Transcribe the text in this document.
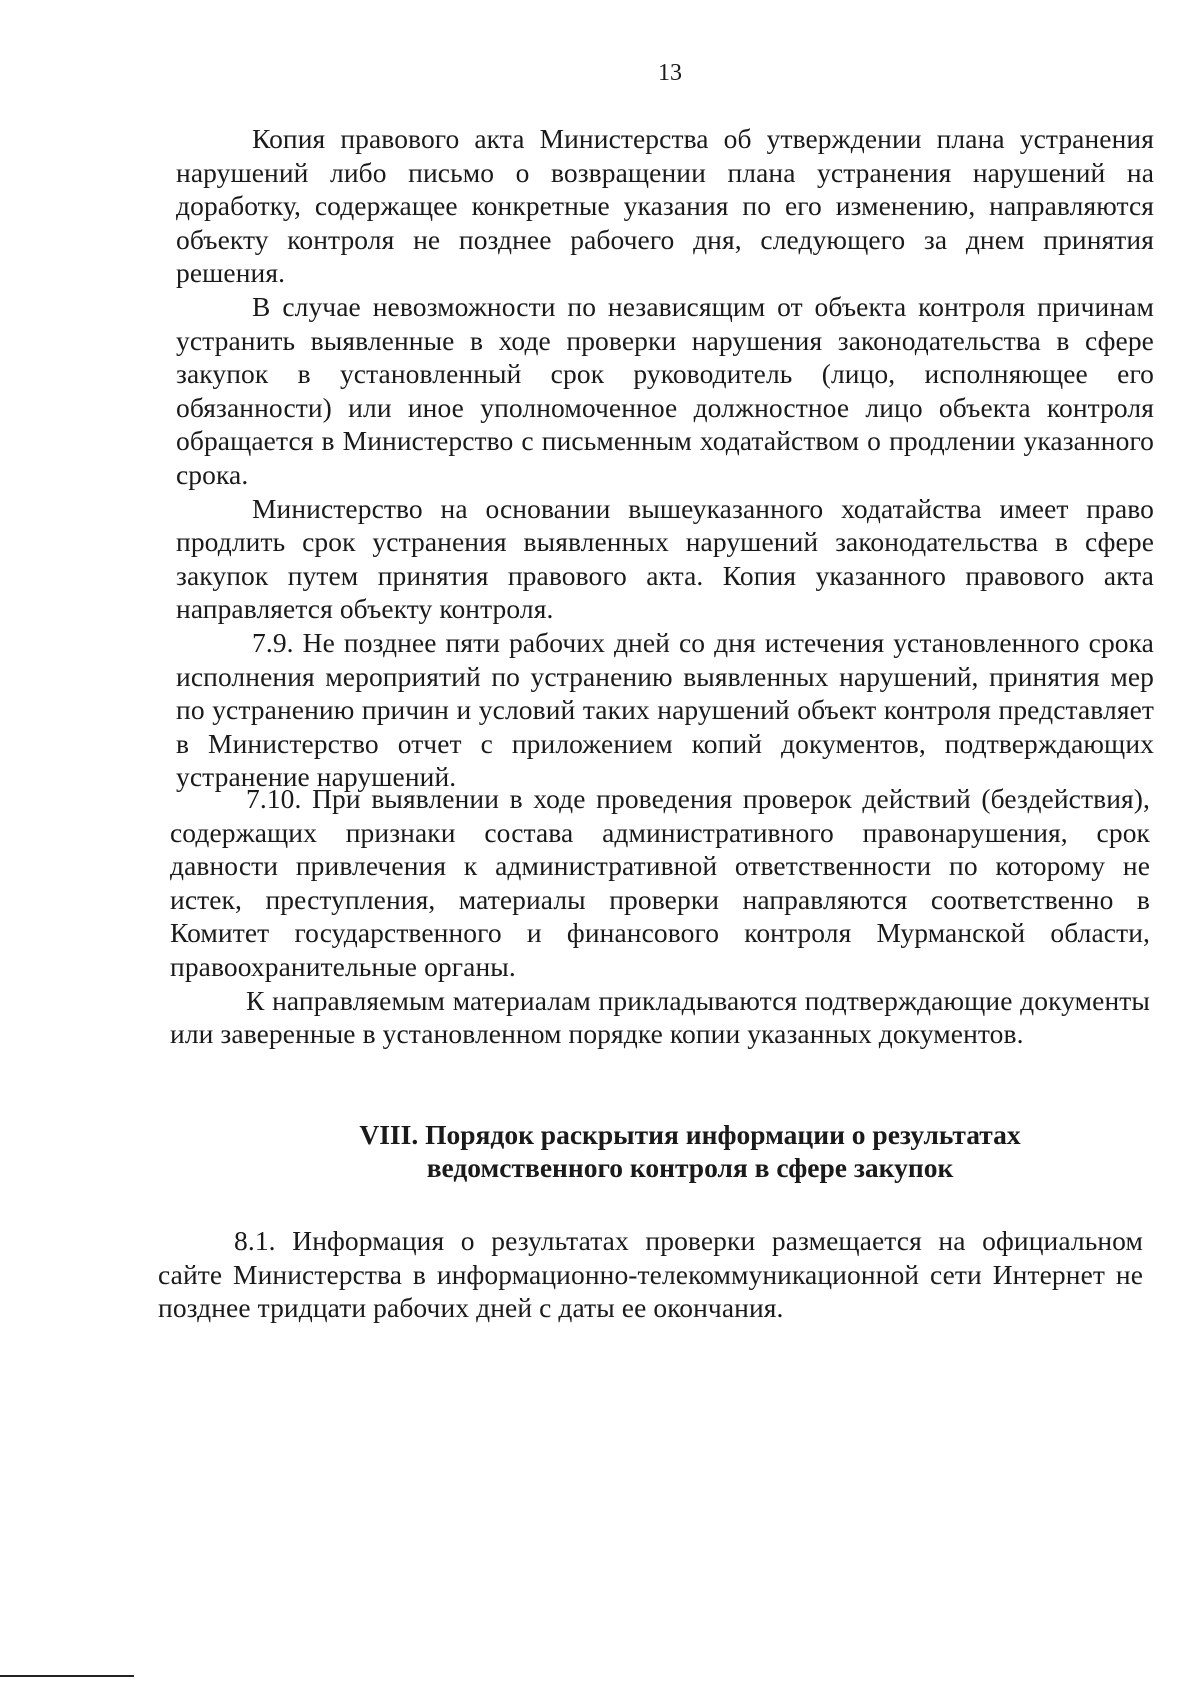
13

Копия правового акта Министерства об утверждении плана устранения нарушений либо письмо о возвращении плана устранения нарушений на доработку, содержащее конкретные указания по его изменению, направляются объекту контроля не позднее рабочего дня, следующего за днем принятия решения.

В случае невозможности по независящим от объекта контроля причинам устранить выявленные в ходе проверки нарушения законодательства в сфере закупок в установленный срок руководитель (лицо, исполняющее его обязанности) или иное уполномоченное должностное лицо объекта контроля обращается в Министерство с письменным ходатайством о продлении указанного срока.

Министерство на основании вышеуказанного ходатайства имеет право продлить срок устранения выявленных нарушений законодательства в сфере закупок путем принятия правового акта. Копия указанного правового акта направляется объекту контроля.

7.9. Не позднее пяти рабочих дней со дня истечения установленного срока исполнения мероприятий по устранению выявленных нарушений, принятия мер по устранению причин и условий таких нарушений объект контроля представляет в Министерство отчет с приложением копий документов, подтверждающих устранение нарушений.

7.10. При выявлении в ходе проведения проверок действий (бездействия), содержащих признаки состава административного правонарушения, срок давности привлечения к административной ответственности по которому не истек, преступления, материалы проверки направляются соответственно в Комитет государственного и финансового контроля Мурманской области, правоохранительные органы.

К направляемым материалам прикладываются подтверждающие документы или заверенные в установленном порядке копии указанных документов.

VIII. Порядок раскрытия информации о результатах
ведомственного контроля в сфере закупок

8.1. Информация о результатах проверки размещается на официальном сайте Министерства в информационно-телекоммуникационной сети Интернет не позднее тридцати рабочих дней с даты ее окончания.
